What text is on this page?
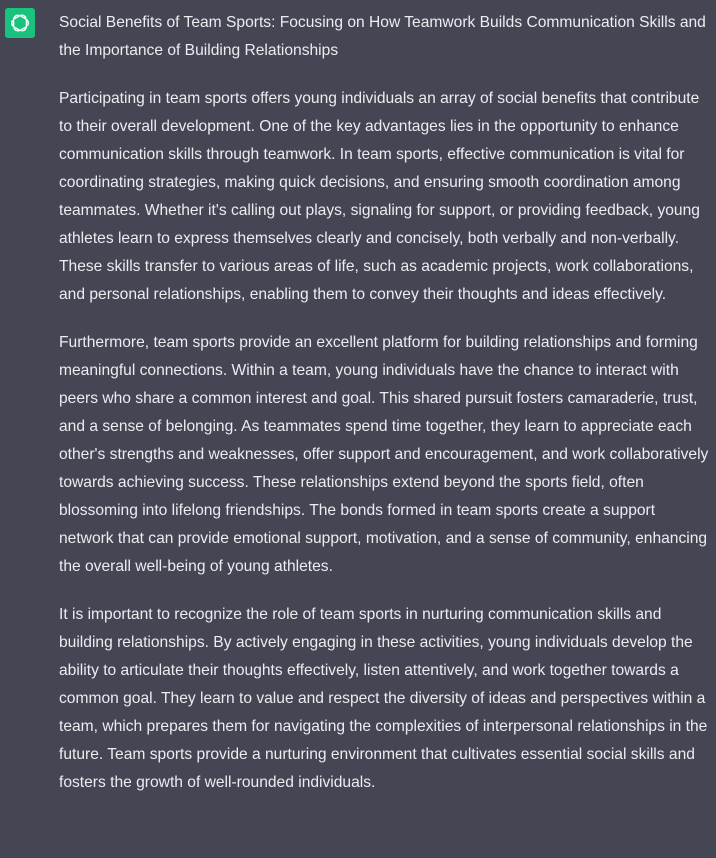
Social Benefits of Team Sports: Focusing on How Teamwork Builds Communication Skills and the Importance of Building Relationships

Participating in team sports offers young individuals an array of social benefits that contribute to their overall development. One of the key advantages lies in the opportunity to enhance communication skills through teamwork. In team sports, effective communication is vital for coordinating strategies, making quick decisions, and ensuring smooth coordination among teammates. Whether it's calling out plays, signaling for support, or providing feedback, young athletes learn to express themselves clearly and concisely, both verbally and non-verbally. These skills transfer to various areas of life, such as academic projects, work collaborations, and personal relationships, enabling them to convey their thoughts and ideas effectively.

Furthermore, team sports provide an excellent platform for building relationships and forming meaningful connections. Within a team, young individuals have the chance to interact with peers who share a common interest and goal. This shared pursuit fosters camaraderie, trust, and a sense of belonging. As teammates spend time together, they learn to appreciate each other's strengths and weaknesses, offer support and encouragement, and work collaboratively towards achieving success. These relationships extend beyond the sports field, often blossoming into lifelong friendships. The bonds formed in team sports create a support network that can provide emotional support, motivation, and a sense of community, enhancing the overall well-being of young athletes.

It is important to recognize the role of team sports in nurturing communication skills and building relationships. By actively engaging in these activities, young individuals develop the ability to articulate their thoughts effectively, listen attentively, and work together towards a common goal. They learn to value and respect the diversity of ideas and perspectives within a team, which prepares them for navigating the complexities of interpersonal relationships in the future. Team sports provide a nurturing environment that cultivates essential social skills and fosters the growth of well-rounded individuals.
